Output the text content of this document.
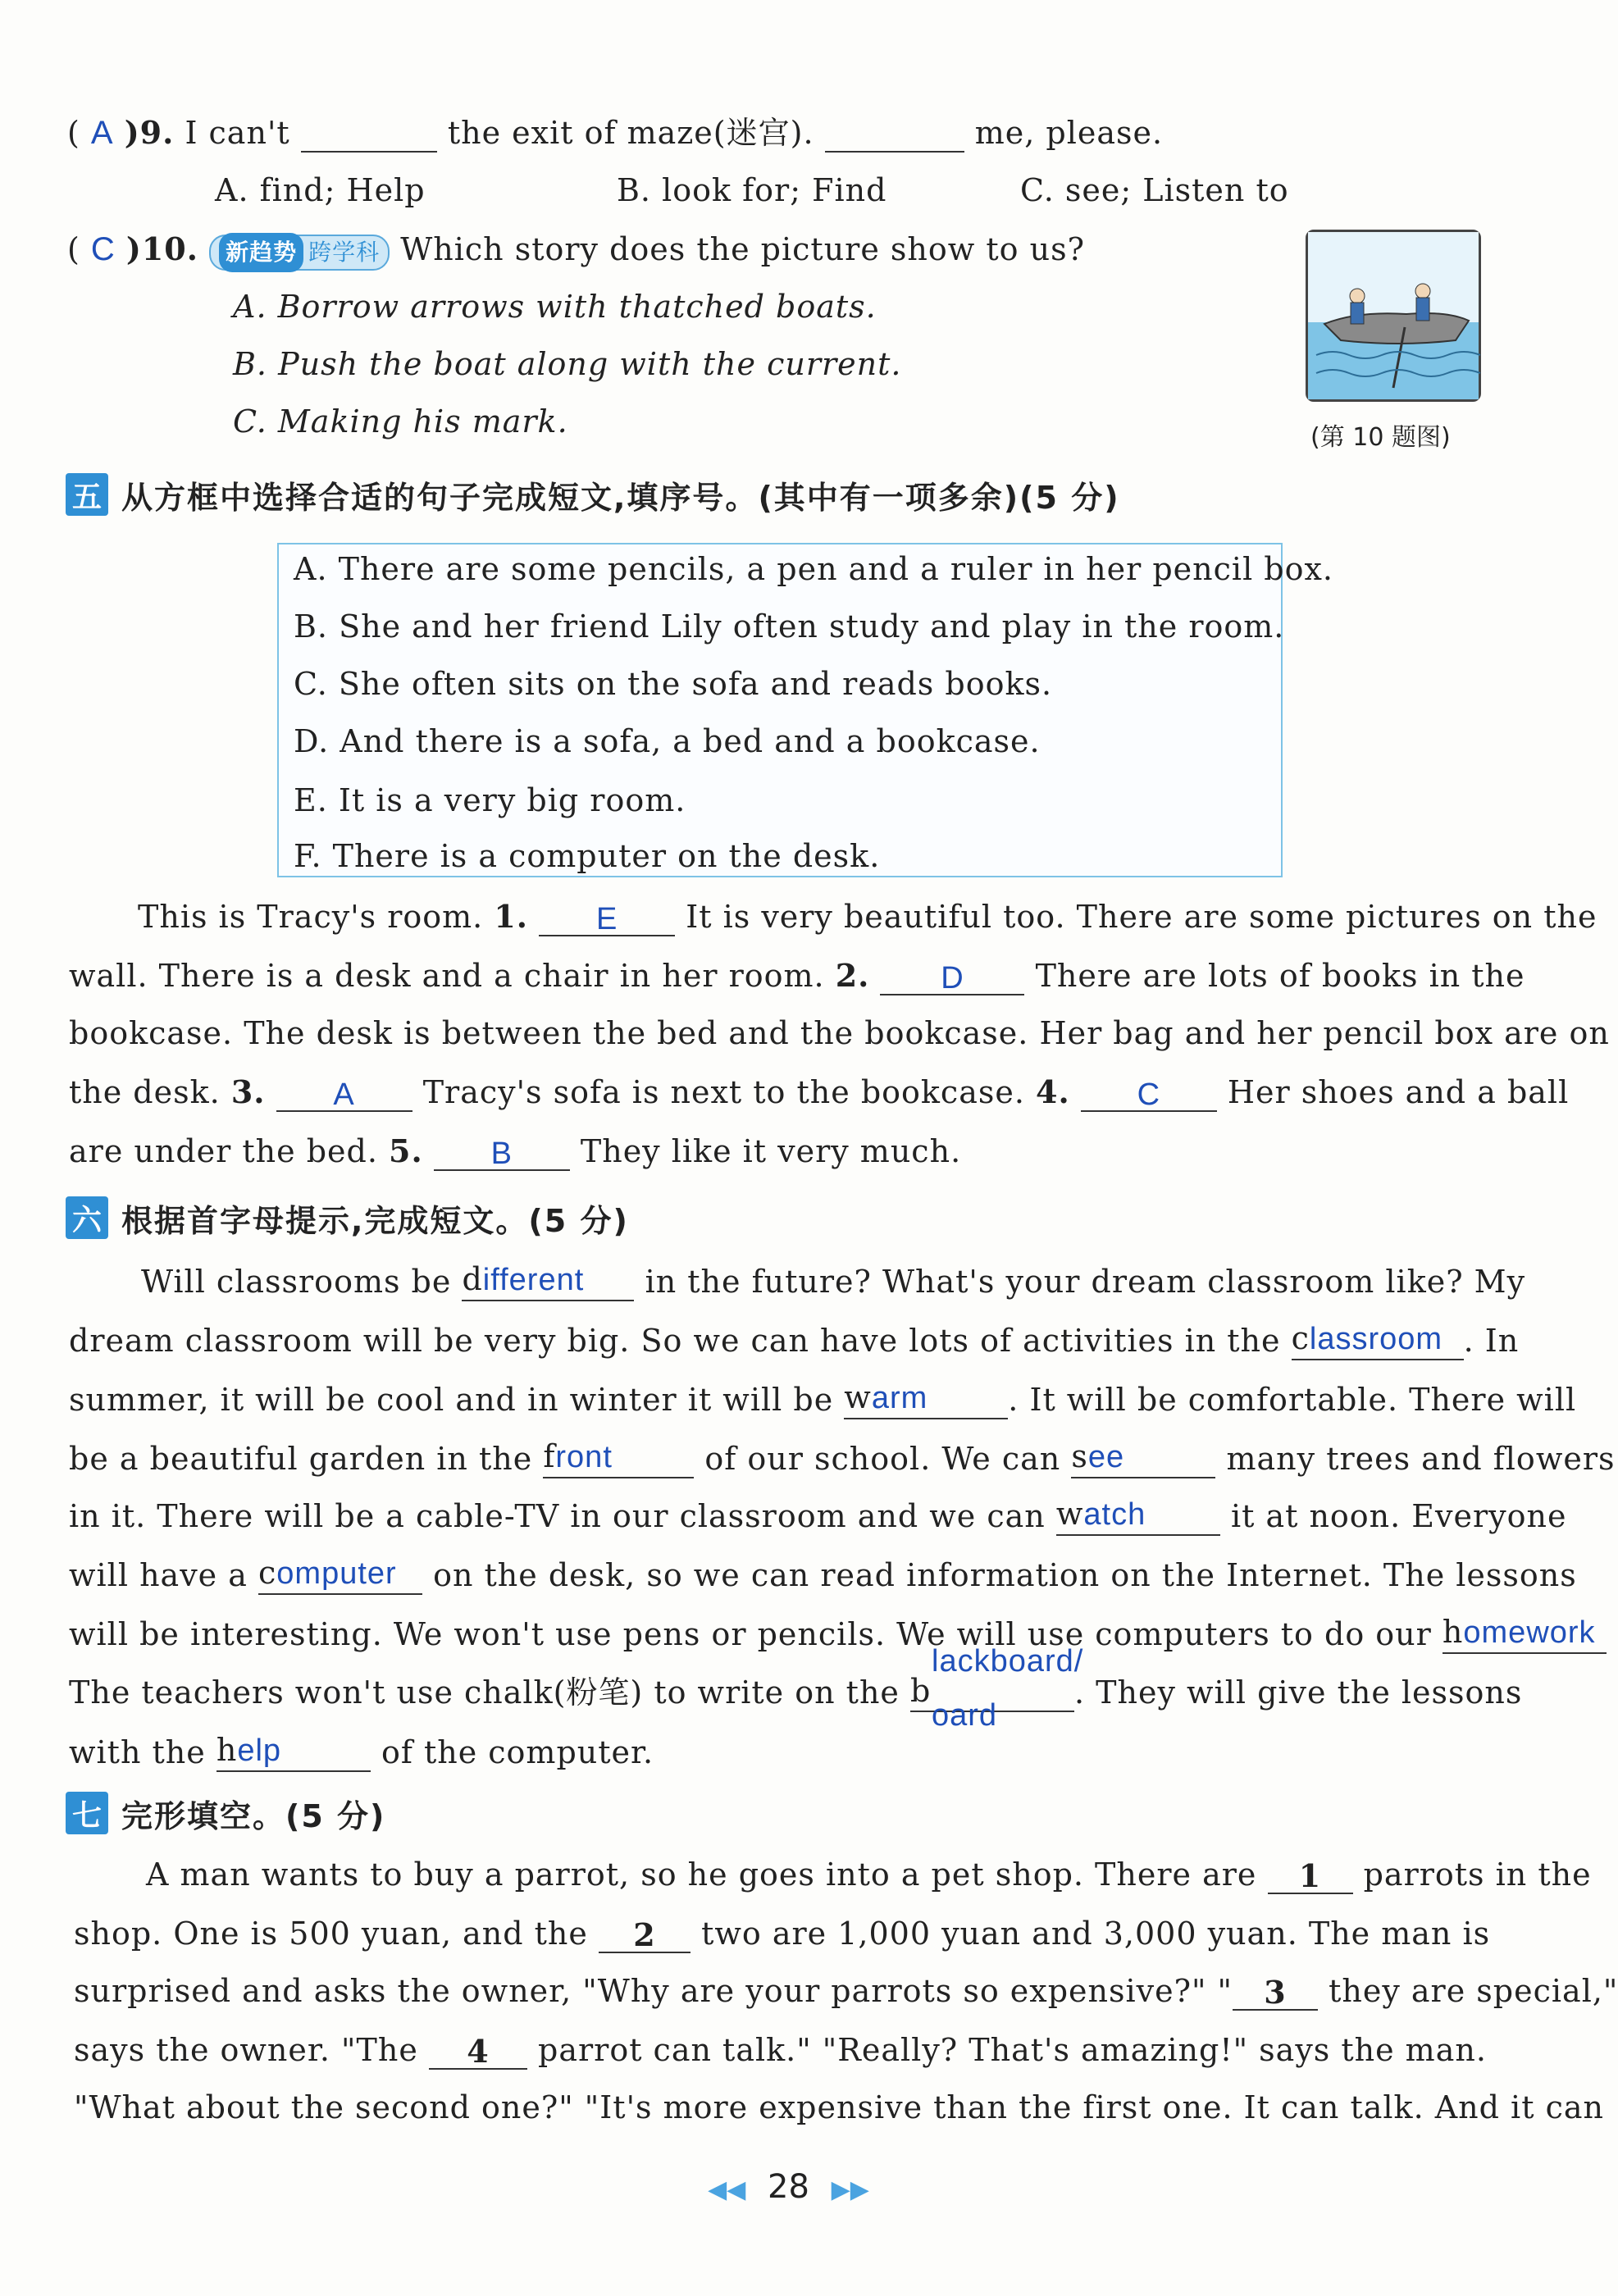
( A )9. I can't	the exit of maze(迷宫).	me, please.
A. find; Help	B. look for; Find	C. see; Listen to
( C )10. 新趋势 跨学科 Which story does the picture show to us?
A. Borrow arrows with thatched boats.
B. Push the boat along with the current.
C. Making his mark.	(第 10 题图)
五 从方框中选择合适的句子完成短文,填序号。(其中有一项多余)(5 分)
A. There are some pencils, a pen and a ruler in her pencil box.
B. She and her friend Lily often study and play in the room.
C. She often sits on the sofa and reads books.
D. And there is a sofa, a bed and a bookcase.
E. It is a very big room.
F. There is a computer on the desk.
This is Tracy's room. 1. E It is very beautiful too. There are some pictures on the
wall. There is a desk and a chair in her room. 2. D There are lots of books in the
bookcase. The desk is between the bed and the bookcase. Her bag and her pencil box are on
the desk. 3. A Tracy's sofa is next to the bookcase. 4. C Her shoes and a ball
are under the bed. 5. B They like it very much.
六 根据首字母提示,完成短文。(5 分)
Will classrooms be different in the future? What's your dream classroom like? My
dream classroom will be very big. So we can have lots of activities in the classroom . In
summer, it will be cool and in winter it will be warm	. It will be comfortable. There will
be a beautiful garden in the front	of our school. We can see	many trees and flowers
in it. There will be a cable-TV in our classroom and we can watch	it at noon. Everyone
will have a computer on the desk, so we can read information on the Internet. The lessons
will be interesting. We won't use pens or pencils. We will use computers to do our homework
The teachers won't use chalk(粉笔) to write on the b
lackboard/
oard
. They will give the lessons
with the help	of the computer.
七 完形填空。(5 分)
A man wants to buy a parrot, so he goes into a pet shop. There are 1 parrots in the
shop. One is 500 yuan, and the 2 two are 1,000 yuan and 3,000 yuan. The man is
surprised and asks the owner, "Why are your parrots so expensive?" " 3 they are special,"
says the owner. "The 4 parrot can talk." "Really? That's amazing!" says the man.
"What about the second one?" "It's more expensive than the first one. It can talk. And it can
◀◀ 28 ▶▶
